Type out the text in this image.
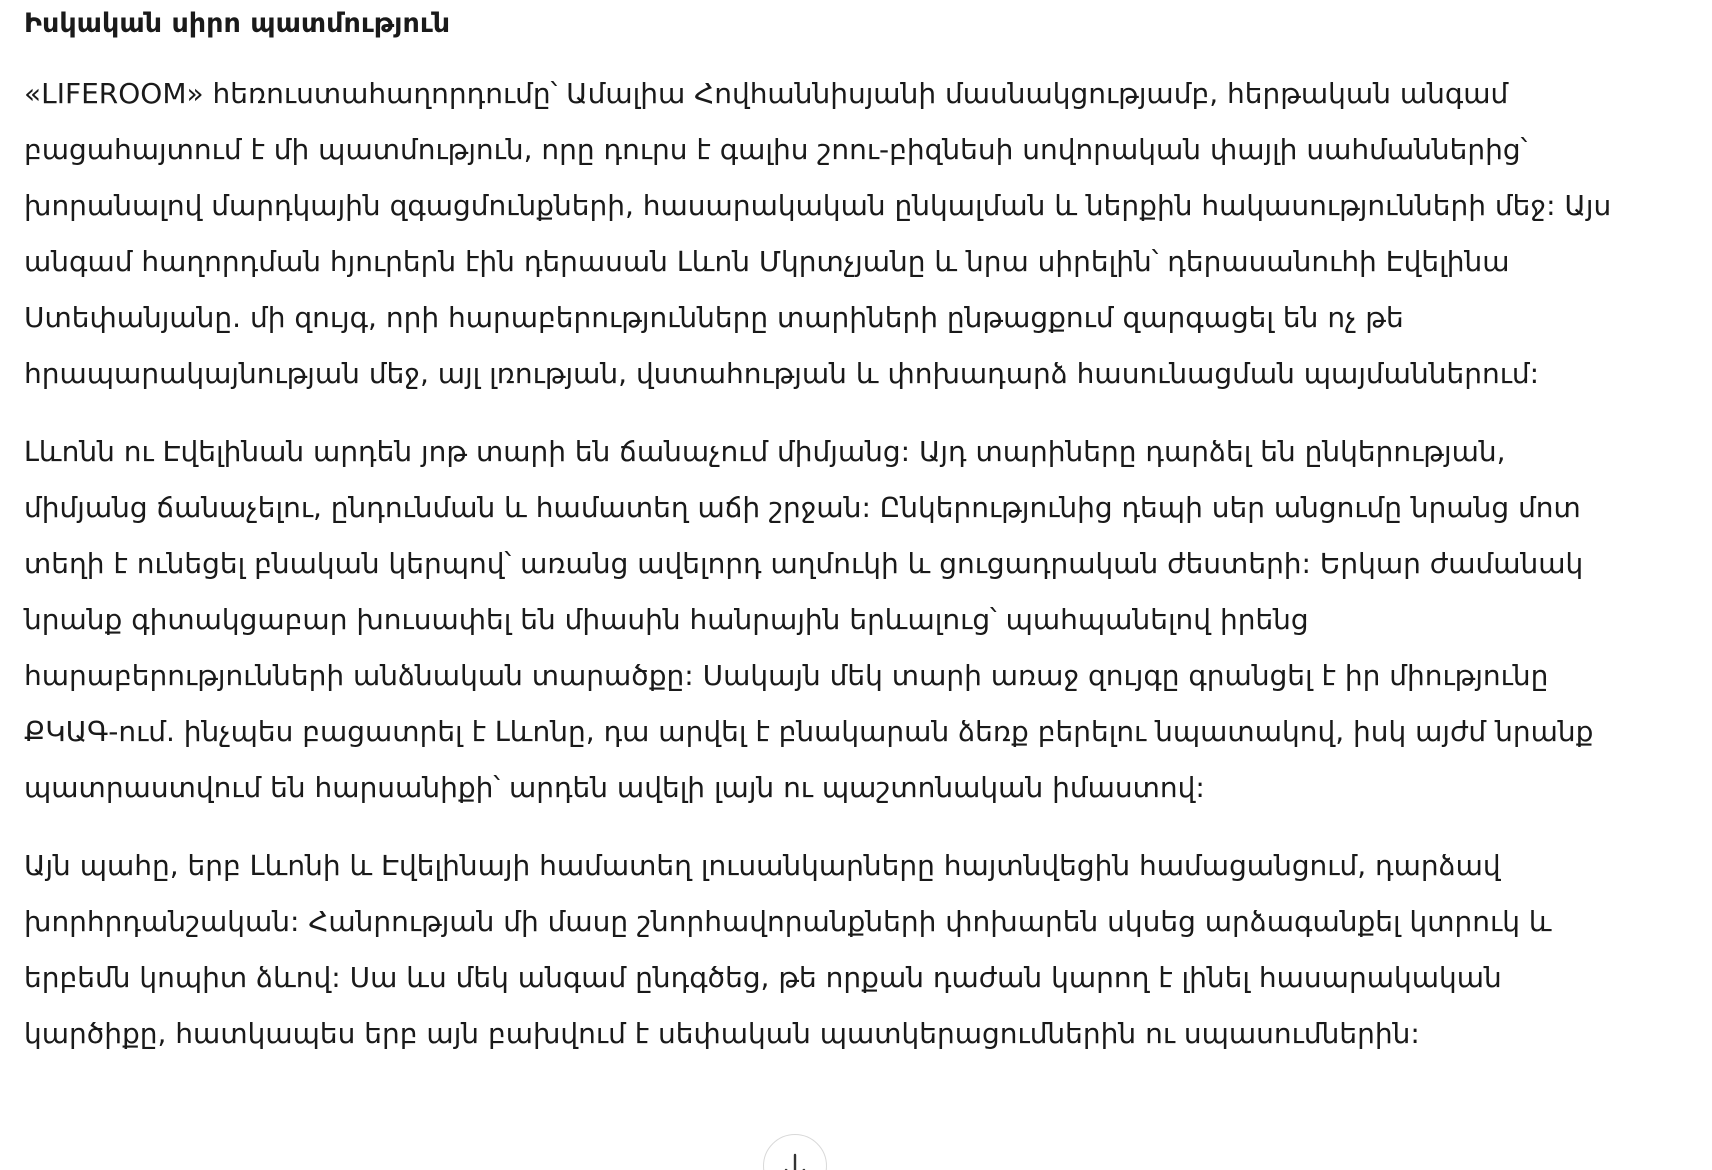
Իսկական սիրո պատմություն

«LIFEROOM» հեռուստահաղորդումը՝ Ամալիա Հովհաննիսյանի մասնակցությամբ, հերթական անգամ բացահայտում է մի պատմություն, որը դուրս է գալիս շոու-բիզնեսի սովորական փայլի սահմաններից՝ խորանալով մարդկային զգացմունքների, հասարակական ընկալման և ներքին հակասությունների մեջ: Այս անգամ հաղորդման հյուրերն էին դերասան Լևոն Մկրտչյանը և նրա սիրելին՝ դերասանուհի Էվելինա Ստեփանյանը. մի զույգ, որի հարաբերությունները տարիների ընթացքում զարգացել են ոչ թե հրապարակայնության մեջ, այլ լռության, վստահության և փոխադարձ հասունացման պայմաններում:

Լևոնն ու Էվելինան արդեն յոթ տարի են ճանաչում միմյանց: Այդ տարիները դարձել են ընկերության, միմյանց ճանաչելու, ընդունման և համատեղ աճի շրջան: Ընկերությունից դեպի սեր անցումը նրանց մոտ տեղի է ունեցել բնական կերպով՝ առանց ավելորդ աղմուկի և ցուցադրական ժեստերի: Երկար ժամանակ նրանք գիտակցաբար խուսափել են միասին հանրային երևալուց՝ պահպանելով իրենց հարաբերությունների անձնական տարածքը: Սակայն մեկ տարի առաջ զույգը գրանցել է իր միությունը ՔԿԱԳ-ում. ինչպես բացատրել է Լևոնը, դա արվել է բնակարան ձեռք բերելու նպատակով, իսկ այժմ նրանք պատրաստվում են հարսանիքի՝ արդեն ավելի լայն ու պաշտոնական իմաստով:

Այն պահը, երբ Լևոնի և Էվելինայի համատեղ լուսանկարները հայտնվեցին համացանցում, դարձավ խորհրդանշական: Հանրության մի մասը շնորհավորանքների փոխարեն սկսեց արձագանքել կտրուկ և երբեմն կոպիտ ձևով: Սա ևս մեկ անգամ ընդգծեց, թե որքան դաժան կարող է լինել հասարակական կարծիքը, հատկապես երբ այն բախվում է սեփական պատկերացումներին ու սպասումներին:
